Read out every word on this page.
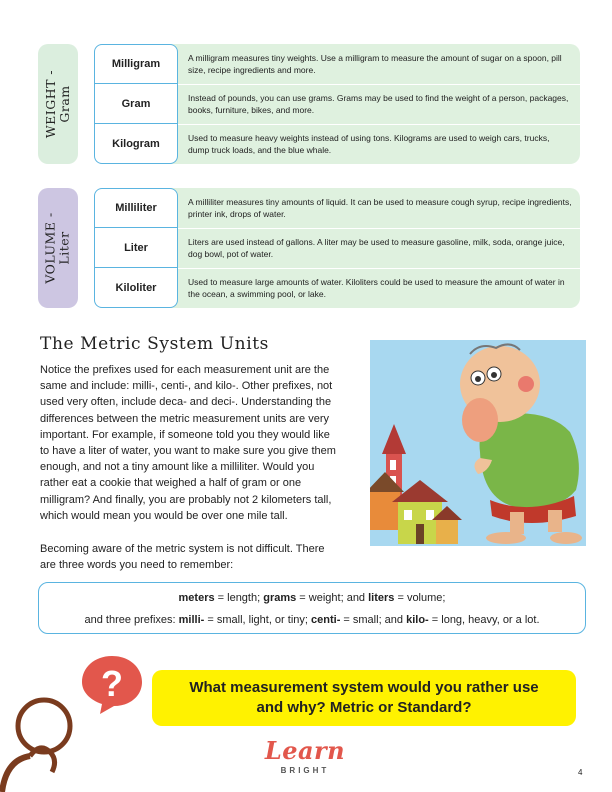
WEIGHT -
Gram
Milligram	A milligram measures tiny weights. Use a milligram to measure the amount of sugar on a spoon, pill size, recipe ingredients and more.
Gram	Instead of pounds, you can use grams. Grams may be used to find the weight of a person, packages, books, furniture, bikes, and more.
Kilogram	Used to measure heavy weights instead of using tons. Kilograms are used to weigh cars, trucks, dump truck loads, and the blue whale.
VOLUME -
Liter
Milliliter	A milliliter measures tiny amounts of liquid. It can be used to measure cough syrup, recipe ingredients, printer ink, drops of water.
Liter	Liters are used instead of gallons. A liter may be used to measure gasoline, milk, soda, orange juice, dog bowl, pot of water.
Kiloliter	Used to measure large amounts of water. Kiloliters could be used to measure the amount of water in the ocean, a swimming pool, or lake.
The Metric System Units

Notice the prefixes used for each measurement unit are the same and include: milli-, centi-, and kilo-. Other prefixes, not used very often, include deca- and deci-. Understanding the differences between the metric measurement units are very important. For example, if someone told you they would like to have a liter of water, you want to make sure you give them enough, and not a tiny amount like a milliliter. Would you rather eat a cookie that weighed a half of gram or one milligram? And finally, you are probably not 2 kilometers tall, which would mean you would be over one mile tall.

Becoming aware of the metric system is not difficult. There are three words you need to remember:

meters = length; grams = weight; and liters = volume;
and three prefixes: milli- = small, light, or tiny; centi- = small; and kilo- = long, heavy, or a lot.
What measurement system would you rather use
and why? Metric or Standard?
?
Learn
BRIGHT	4
